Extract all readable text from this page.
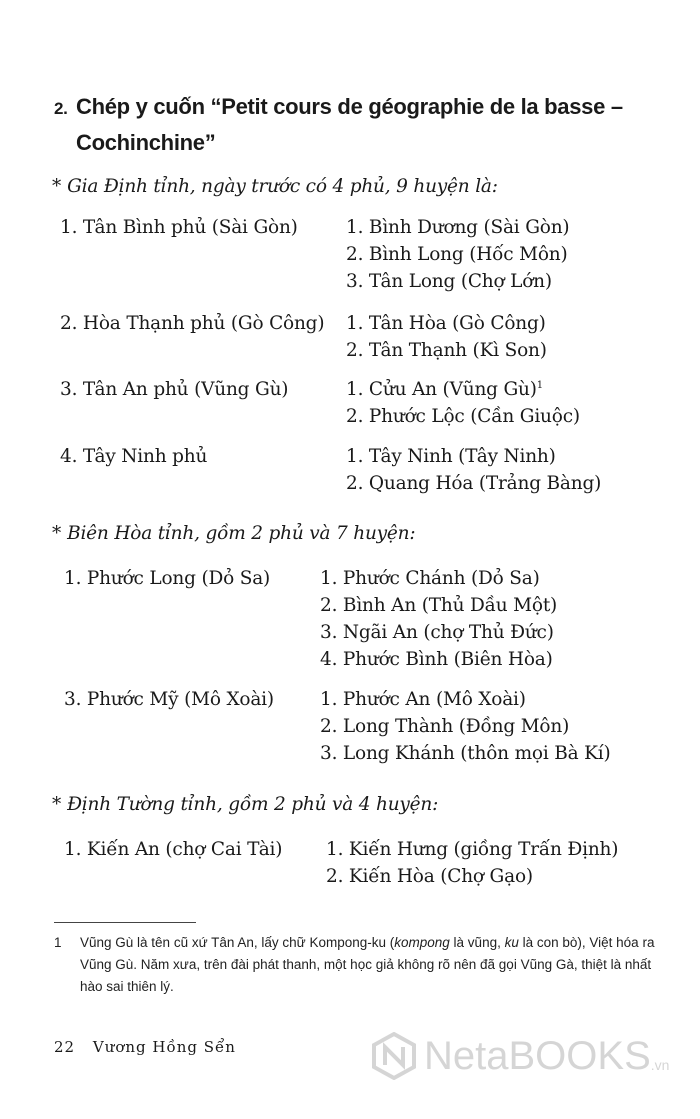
2. Chép y cuốn “Petit cours de géographie de la basse –
Cochinchine”
* Gia Định tỉnh, ngày trước có 4 phủ, 9 huyện là:
1. Tân Bình phủ (Sài Gòn)	1. Bình Dương (Sài Gòn)
2. Bình Long (Hốc Môn)
3. Tân Long (Chợ Lớn)
2. Hòa Thạnh phủ (Gò Công) 1. Tân Hòa (Gò Công)
2. Tân Thạnh (Kì Son)
3. Tân An phủ (Vũng Gù)	1. Cửu An (Vũng Gù)$^1$
2. Phước Lộc (Cần Giuộc)
4. Tây Ninh phủ	1. Tây Ninh (Tây Ninh)
2. Quang Hóa (Trảng Bàng)
* Biên Hòa tỉnh, gồm 2 phủ và 7 huyện:
1. Phước Long (Dỏ Sa)	1. Phước Chánh (Dỏ Sa)
2. Bình An (Thủ Dầu Một)
3. Ngãi An (chợ Thủ Đức)
4. Phước Bình (Biên Hòa)
3. Phước Mỹ (Mô Xoài) 1. Phước An (Mô Xoài)
2. Long Thành (Đồng Môn)
3. Long Khánh (thôn mọi Bà Kí)
* Định Tường tỉnh, gồm 2 phủ và 4 huyện:
1. Kiến An (chợ Cai Tài) 1. Kiến Hưng (giồng Trấn Định)
2. Kiến Hòa (Chợ Gạo)
1 Vũng Gù là tên cũ xứ Tân An, lấy chữ Kompong-ku (kompong là vũng, ku là con bò), Việt hóa ra Vũng Gù. Năm xưa, trên đài phát thanh, một học giả không rõ nên đã gọi Vũng Gà, thiệt là nhất hào sai thiên lý.
22 Vương Hồng Sển	NetaBOOKS .vn
